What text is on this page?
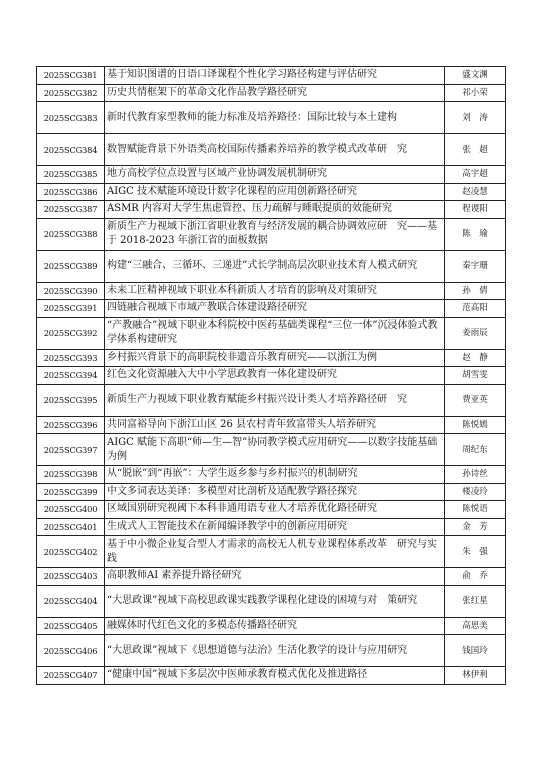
2025SCG381	基于知识图谱的日语口译课程个性化学习路径构建与评估研究	盛文渊
2025SCG382	历史共情框架下的革命文化作品教学路径研究	祁小荣
2025SCG383	新时代教育家型教师的能力标准及培养路径：国际比较与本土建构	刘　涛
2025SCG384	数智赋能背景下外语类高校国际传播素养培养的教学模式改革研　究	张　超
2025SCG385	地方高校学位点设置与区域产业协调发展机制研究	高宇超
2025SCG386	AIGC 技术赋能环境设计数字化课程的应用创新路径研究	赵凌慧
2025SCG387	ASMR 内容对大学生焦虑管控、压力疏解与睡眠提质的效能研究	程谡阳
2025SCG388	新质生产力视域下浙江省职业教育与经济发展的耦合协调效应研　究——基于 2018-2023 年浙江省的面板数据	陈　瑜
2025SCG389	构建“三融合、三循环、三递进”式长学制高层次职业技术育人模式研究	秦宇珊
2025SCG390	未来工匠精神视域下职业本科新质人才培育的影响及对策研究	孙　倩
2025SCG391	四链融合视域下市域产教联合体建设路径研究	范高阳
2025SCG392	“产教融合”视域下职业本科院校中医药基础类课程“三位一体”沉浸体验式教学体系构建研究	姜雨辰
2025SCG393	乡村振兴背景下的高职院校非遗音乐教育研究——以浙江为例	赵　静
2025SCG394	红色文化资源融入大中小学思政教育一体化建设研究	胡雪雯
2025SCG395	新质生产力视域下职业教育赋能乡村振兴设计类人才培养路径研　究	费亚英
2025SCG396	共同富裕导向下浙江山区 26 县农村青年致富带头人培养研究	陈悦嫣
2025SCG397	AIGC 赋能下高职“师—生—智”协同教学模式应用研究——以数字技能基础为例	周纪东
2025SCG398	从“脱嵌”到“再嵌”：大学生返乡参与乡村振兴的机制研究	孙诗丝
2025SCG399	中文多词表达美译：多模型对比剖析及适配教学路径探究	楼凌玲
2025SCG400	区域国别研究视阈下本科非通用语专业人才培养优化路径研究	陈悦语
2025SCG401	生成式人工智能技术在新闻编译教学中的创新应用研究	金　芳
2025SCG402	基于中小微企业复合型人才需求的高校无人机专业课程体系改革　研究与实践	朱　强
2025SCG403	高职教师AI 素养提升路径研究	俞　乔
2025SCG404	“大思政课”视域下高校思政课实践教学课程化建设的困境与对　策研究	张红星
2025SCG405	融媒体时代红色文化的多模态传播路径研究	高思美
2025SCG406	“大思政课”视域下《思想道德与法治》生活化教学的设计与应用研究	钱国玲
2025SCG407	“健康中国”视域下多层次中医师承教育模式优化及推进路径	林伊利
